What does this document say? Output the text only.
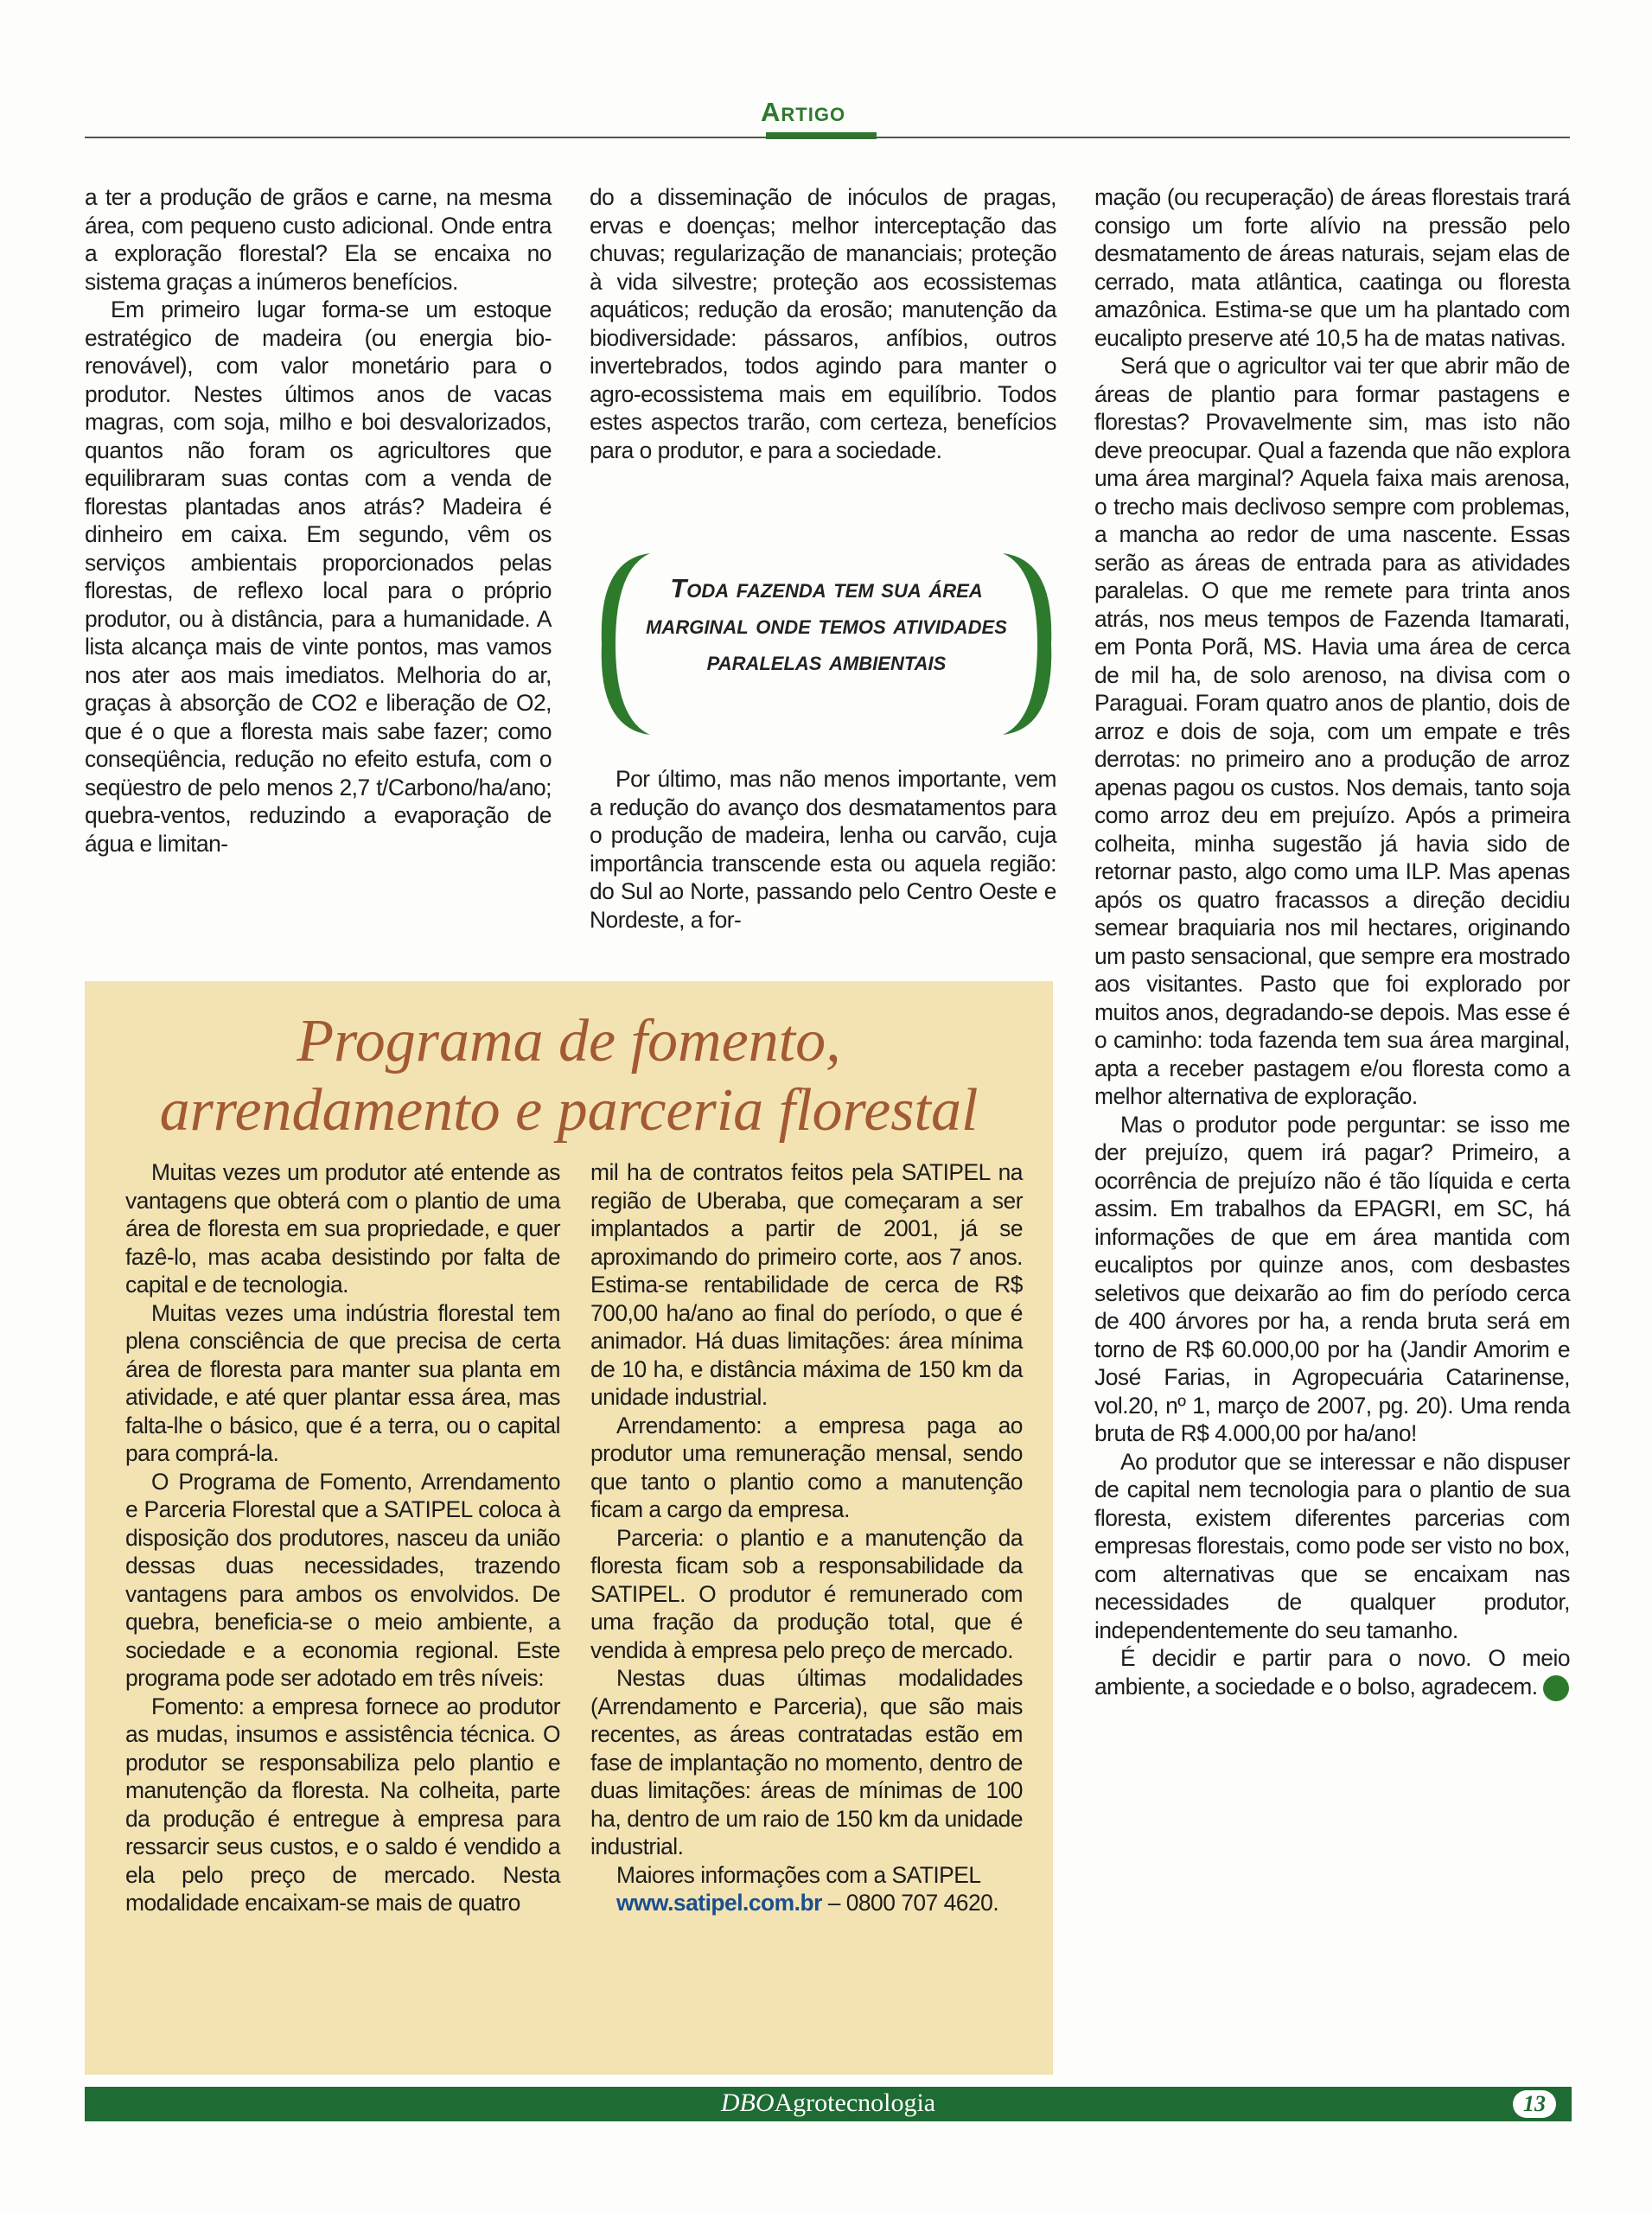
Artigo

a ter a produção de grãos e carne, na mesma área, com pequeno custo adicional. Onde entra a exploração florestal? Ela se encaixa no sistema graças a inúmeros benefícios.

Em primeiro lugar forma-se um estoque estratégico de madeira (ou energia bio-renovável), com valor monetário para o produtor. Nestes últimos anos de vacas magras, com soja, milho e boi desvalorizados, quantos não foram os agricultores que equilibraram suas contas com a venda de florestas plantadas anos atrás? Madeira é dinheiro em caixa. Em segundo, vêm os serviços ambientais proporcionados pelas florestas, de reflexo local para o próprio produtor, ou à distância, para a humanidade. A lista alcança mais de vinte pontos, mas vamos nos ater aos mais imediatos. Melhoria do ar, graças à absorção de CO2 e liberação de O2, que é o que a floresta mais sabe fazer; como conseqüência, redução no efeito estufa, com o seqüestro de pelo menos 2,7 t/Carbono/ha/ano; quebra-ventos, reduzindo a evaporação de água e limitan-

do a disseminação de inóculos de pragas, ervas e doenças; melhor interceptação das chuvas; regularização de mananciais; proteção à vida silvestre; proteção aos ecossistemas aquáticos; redução da erosão; manutenção da biodiversidade: pássaros, anfíbios, outros invertebrados, todos agindo para manter o agro-ecossistema mais em equilíbrio. Todos estes aspectos trarão, com certeza, benefícios para o produtor, e para a sociedade.

Toda fazenda tem sua área marginal onde temos atividades paralelas ambientais

Por último, mas não menos importante, vem a redução do avanço dos desmatamentos para o produção de madeira, lenha ou carvão, cuja importância transcende esta ou aquela região: do Sul ao Norte, passando pelo Centro Oeste e Nordeste, a for-

mação (ou recuperação) de áreas florestais trará consigo um forte alívio na pressão pelo desmatamento de áreas naturais, sejam elas de cerrado, mata atlântica, caatinga ou floresta amazônica. Estima-se que um ha plantado com eucalipto preserve até 10,5 ha de matas nativas.

Será que o agricultor vai ter que abrir mão de áreas de plantio para formar pastagens e florestas? Provavelmente sim, mas isto não deve preocupar. Qual a fazenda que não explora uma área marginal? Aquela faixa mais arenosa, o trecho mais declivoso sempre com problemas, a mancha ao redor de uma nascente. Essas serão as áreas de entrada para as atividades paralelas. O que me remete para trinta anos atrás, nos meus tempos de Fazenda Itamarati, em Ponta Porã, MS. Havia uma área de cerca de mil ha, de solo arenoso, na divisa com o Paraguai. Foram quatro anos de plantio, dois de arroz e dois de soja, com um empate e três derrotas: no primeiro ano a produção de arroz apenas pagou os custos. Nos demais, tanto soja como arroz deu em prejuízo. Após a primeira colheita, minha sugestão já havia sido de retornar pasto, algo como uma ILP. Mas apenas após os quatro fracassos a direção decidiu semear braquiaria nos mil hectares, originando um pasto sensacional, que sempre era mostrado aos visitantes. Pasto que foi explorado por muitos anos, degradando-se depois. Mas esse é o caminho: toda fazenda tem sua área marginal, apta a receber pastagem e/ou floresta como a melhor alternativa de exploração.

Mas o produtor pode perguntar: se isso me der prejuízo, quem irá pagar? Primeiro, a ocorrência de prejuízo não é tão líquida e certa assim. Em trabalhos da EPAGRI, em SC, há informações de que em área mantida com eucaliptos por quinze anos, com desbastes seletivos que deixarão ao fim do período cerca de 400 árvores por ha, a renda bruta será em torno de R$ 60.000,00 por ha (Jandir Amorim e José Farias, in Agropecuária Catarinense, vol.20, nº 1, março de 2007, pg. 20). Uma renda bruta de R$ 4.000,00 por ha/ano!

Ao produtor que se interessar e não dispuser de capital nem tecnologia para o plantio de sua floresta, existem diferentes parcerias com empresas florestais, como pode ser visto no box, com alternativas que se encaixam nas necessidades de qualquer produtor, independentemente do seu tamanho.

É decidir e partir para o novo. O meio ambiente, a sociedade e o bolso, agradecem.

Programa de fomento,
arrendamento e parceria florestal

Muitas vezes um produtor até entende as vantagens que obterá com o plantio de uma área de floresta em sua propriedade, e quer fazê-lo, mas acaba desistindo por falta de capital e de tecnologia.

Muitas vezes uma indústria florestal tem plena consciência de que precisa de certa área de floresta para manter sua planta em atividade, e até quer plantar essa área, mas falta-lhe o básico, que é a terra, ou o capital para comprá-la.

O Programa de Fomento, Arrendamento e Parceria Florestal que a SATIPEL coloca à disposição dos produtores, nasceu da união dessas duas necessidades, trazendo vantagens para ambos os envolvidos. De quebra, beneficia-se o meio ambiente, a sociedade e a economia regional. Este programa pode ser adotado em três níveis:

Fomento: a empresa fornece ao produtor as mudas, insumos e assistência técnica. O produtor se responsabiliza pelo plantio e manutenção da floresta. Na colheita, parte da produção é entregue à empresa para ressarcir seus custos, e o saldo é vendido a ela pelo preço de mercado. Nesta modalidade encaixam-se mais de quatro

mil ha de contratos feitos pela SATIPEL na região de Uberaba, que começaram a ser implantados a partir de 2001, já se aproximando do primeiro corte, aos 7 anos. Estima-se rentabilidade de cerca de R$ 700,00 ha/ano ao final do período, o que é animador. Há duas limitações: área mínima de 10 ha, e distância máxima de 150 km da unidade industrial.

Arrendamento: a empresa paga ao produtor uma remuneração mensal, sendo que tanto o plantio como a manutenção ficam a cargo da empresa.

Parceria: o plantio e a manutenção da floresta ficam sob a responsabilidade da SATIPEL. O produtor é remunerado com uma fração da produção total, que é vendida à empresa pelo preço de mercado.

Nestas duas últimas modalidades (Arrendamento e Parceria), que são mais recentes, as áreas contratadas estão em fase de implantação no momento, dentro de duas limitações: áreas de mínimas de 100 ha, dentro de um raio de 150 km da unidade industrial.

Maiores informações com a SATIPEL

www.satipel.com.br – 0800 707 4620.

DBOAgrotecnologia	13
